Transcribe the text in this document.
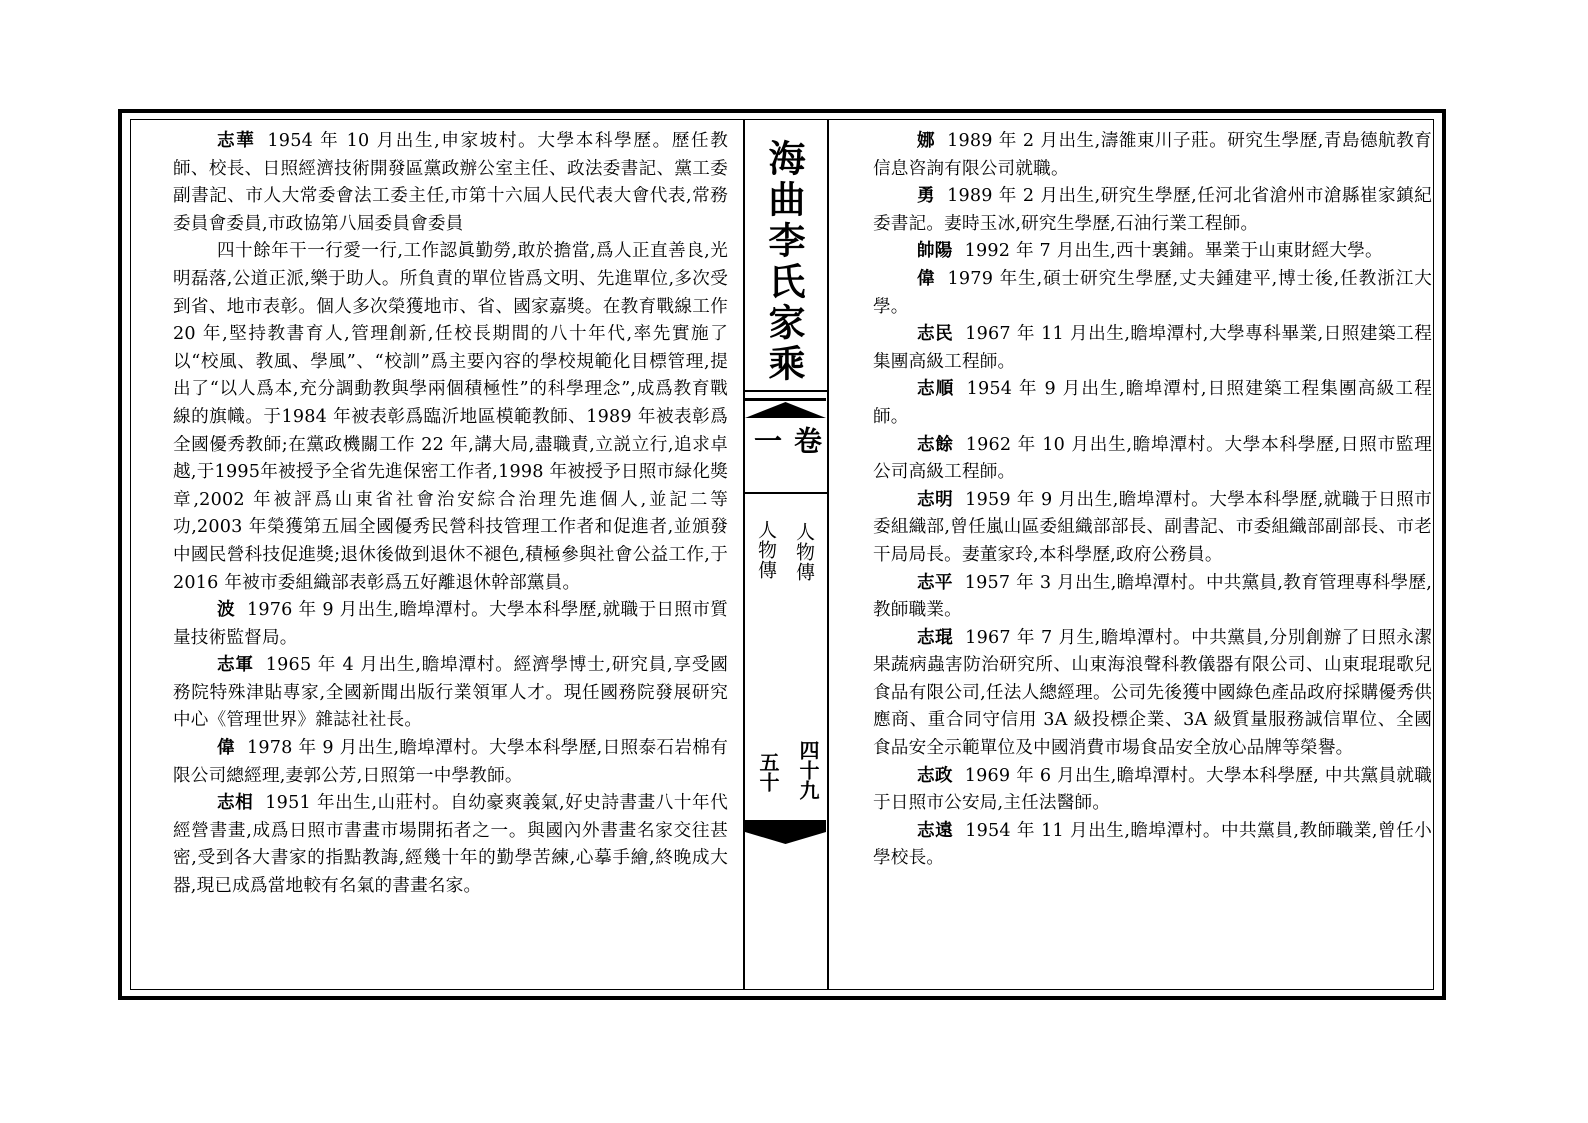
志華 1954 年 10 月出生,申家坡村。大學本科學歷。歷任教師、校長、日照經濟技術開發區黨政辦公室主任、政法委書記、黨工委副書記、市人大常委會法工委主任,市第十六屆人民代表大會代表,常務委員會委員,市政協第八屆委員會委員

四十餘年干一行愛一行,工作認眞勤勞,敢於擔當,爲人正直善良,光明磊落,公道正派,樂于助人。所負責的單位皆爲文明、先進單位,多次受到省、地市表彰。個人多次榮獲地市、省、國家嘉獎。在教育戰線工作 20 年,堅持教書育人,管理創新,任校長期間的八十年代,率先實施了以“校風、教風、學風”、“校訓”爲主要內容的學校規範化目標管理,提出了“以人爲本,充分調動教與學兩個積極性”的科學理念”,成爲教育戰線的旗幟。于1984 年被表彰爲臨沂地區模範教師、1989 年被表彰爲全國優秀教師;在黨政機關工作 22 年,講大局,盡職責,立説立行,追求卓越,于1995年被授予全省先進保密工作者,1998 年被授予日照市緑化獎章,2002 年被評爲山東省社會治安綜合治理先進個人,並記二等功,2003 年榮獲第五屆全國優秀民營科技管理工作者和促進者,並頒發中國民營科技促進獎;退休後做到退休不褪色,積極參與社會公益工作,于2016 年被市委組織部表彰爲五好離退休幹部黨員。

波 1976 年 9 月出生,瞻埠潭村。大學本科學歷,就職于日照市質量技術監督局。

志軍 1965 年 4 月出生,瞻埠潭村。經濟學博士,研究員,享受國務院特殊津貼專家,全國新聞出版行業領軍人才。現任國務院發展研究中心《管理世界》雜誌社社長。

偉 1978 年 9 月出生,瞻埠潭村。大學本科學歷,日照泰石岩棉有限公司總經理,妻郭公芳,日照第一中學教師。

志相 1951 年出生,山莊村。自幼豪爽義氣,好史詩書畫八十年代經營書畫,成爲日照市書畫市場開拓者之一。與國內外書畫名家交往甚密,受到各大書家的指點教誨,經幾十年的勤學苦練,心摹手繪,終晚成大器,現已成爲當地較有名氣的書畫名家。

海曲李氏家乘
卷一
人物傳
人物傳
四十九
五十

娜 1989 年 2 月出生,濤雒東川子莊。研究生學歷,青島德航教育信息咨詢有限公司就職。

勇 1989 年 2 月出生,研究生學歷,任河北省滄州市滄縣崔家鎮紀委書記。妻時玉冰,研究生學歷,石油行業工程師。

帥陽 1992 年 7 月出生,西十裏鋪。畢業于山東財經大學。

偉 1979 年生,碩士研究生學歷,丈夫鍾建平,博士後,任教浙江大學。

志民 1967 年 11 月出生,瞻埠潭村,大學專科畢業,日照建築工程集團高級工程師。

志順 1954 年 9 月出生,瞻埠潭村,日照建築工程集團高級工程師。

志餘 1962 年 10 月出生,瞻埠潭村。大學本科學歷,日照市監理公司高級工程師。

志明 1959 年 9 月出生,瞻埠潭村。大學本科學歷,就職于日照市委組織部,曾任嵐山區委組織部部長、副書記、市委組織部副部長、市老干局局長。妻董家玲,本科學歷,政府公務員。

志平 1957 年 3 月出生,瞻埠潭村。中共黨員,教育管理專科學歷,教師職業。

志琨 1967 年 7 月生,瞻埠潭村。中共黨員,分別創辦了日照永潔果蔬病蟲害防治研究所、山東海浪聲科教儀器有限公司、山東琨琨歌兒食品有限公司,任法人總經理。公司先後獲中國綠色產品政府採購優秀供應商、重合同守信用 3A 級投標企業、3A 級質量服務誠信單位、全國食品安全示範單位及中國消費市場食品安全放心品牌等榮譽。

志政 1969 年 6 月出生,瞻埠潭村。大學本科學歷, 中共黨員就職于日照市公安局,主任法醫師。

志遠 1954 年 11 月出生,瞻埠潭村。中共黨員,教師職業,曾任小學校長。
